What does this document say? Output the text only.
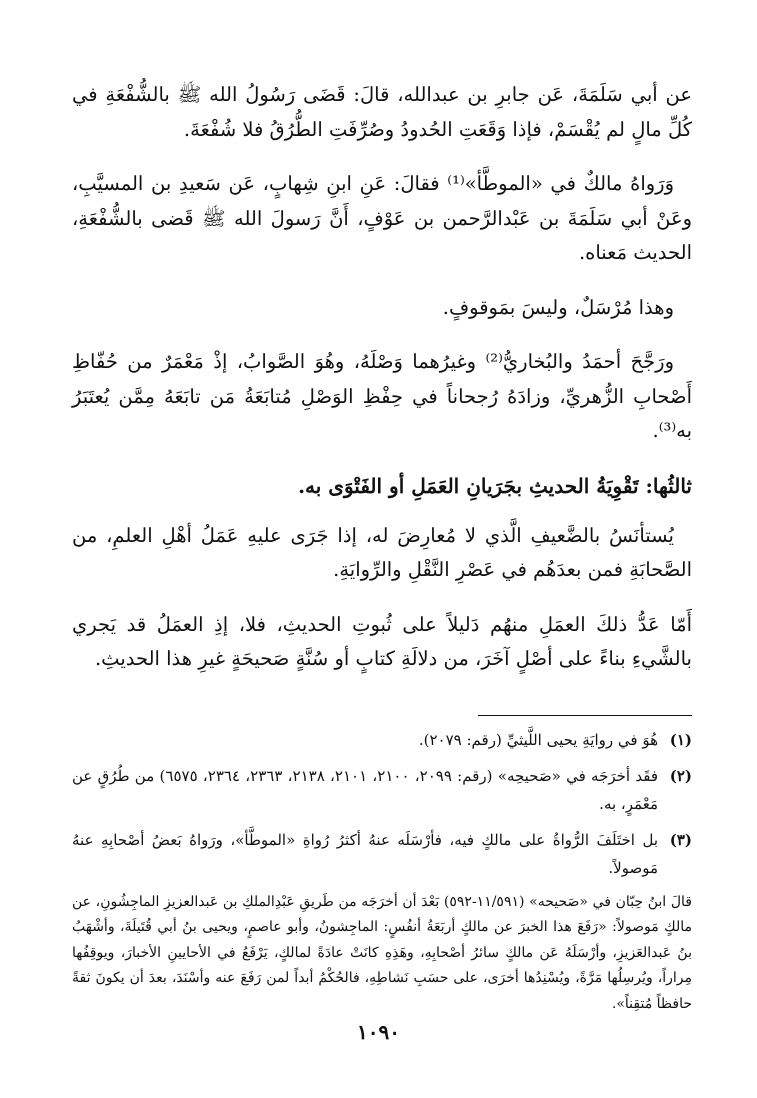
عن أبي سَلَمَةَ، عَن جابرِ بن عبدالله، قالَ: قَضَى رَسُولُ الله ﷺ بالشُّفْعَةِ في كُلِّ مالٍ لم يُقْسَمْ، فإذا وَقَعَتِ الحُدودُ وصُرِّفَتِ الطُّرُقُ فلا شُفْعَةَ.

وَرَواهُ مالكٌ في «الموطَّأ»⁽¹⁾ فقالَ: عَنِ ابنِ شِهابٍ، عَن سَعيدِ بن المسيَّبِ، وعَنْ أبي سَلَمَةَ بن عَبْدالرَّحمن بن عَوْفٍ، أَنَّ رَسولَ الله ﷺ قَضى بالشُّفْعَةِ، الحديث مَعناه.

وهذا مُرْسَلٌ، وليسَ بمَوقوفٍ.

ورَجَّحَ أحمَدُ والبُخاريُّ⁽²⁾ وغيرُهما وَصْلَهُ، وهُوَ الصَّوابُ، إذْ مَعْمَرٌ من حُفّاظِ أَصْحابِ الزُّهريِّ، وزادَهُ رُجحاناً في حِفْظِ الوَصْلِ مُتابَعَةُ مَن تابَعَهُ مِمَّن يُعتَبَرُ به⁽³⁾.

ثالثُها: تَقْوِيَةُ الحديثِ بجَرَيانِ العَمَلِ أو الفَتْوَى به.

يُستأنَسُ بالضَّعيفِ الَّذي لا مُعارِضَ له، إذا جَرَى عليهِ عَمَلُ أهْلِ العلمِ، من الصَّحابَةِ فمن بعدَهُم في عَصْرِ النَّقْلِ والرِّوايَةِ.

أَمّا عَدُّ ذلكَ العمَلِ منهُم دَليلاً على ثُبوتِ الحديثِ، فلا، إذِ العمَلُ قد يَجري بالشَّيءِ بناءً على أصْلٍ آخَرَ، من دلالَةِ كتابٍ أو سُنَّةٍ صَحيحَةٍ غيرِ هذا الحديثِ.

(١)
هُوَ في روايَةِ يحيى اللَّيثيِّ (رقم: ٢٠٧٩).
(٢)
فقَد أخرَجَه في «صَحيحِه» (رقم: ٢٠٩٩، ٢١٠٠، ٢١٠١، ٢١٣٨، ٢٣٦٣، ٢٣٦٤، ٦٥٧٥) من طُرُقٍ عن مَعْمَرٍ، به.
(٣)
بل اختَلَفَ الرُّواةُ على مالكٍ فيه، فأرْسَلَه عنهُ أكثرُ رُواةِ «الموطَّأ»، ورَواهُ بَعضُ أصْحابِهِ عنهُ مَوصولاً.

قالَ ابنُ حِبّان في «صَحيحه» (١١/٥٩١-٥٩٢) بَعْدَ أن أخرَجَه من طَريقِ عَبْدِالملكِ بن عَبدالعزيزِ الماجِشُونِ، عن مالكٍ مَوصولاً: «رَفَعَ هذا الخبرَ عن مالكٍ أربَعَةُ أنفُسٍ: الماجِشونُ، وأبو عاصمٍ، ويحيى بنُ أبي قُتَيلَةَ، وأشْهَبُ بنُ عَبدالعَزيزِ، وأرْسَلَهُ عَن مالكٍ سائرُ أصْحابِهِ، وهَذِهِ كانَتْ عادَةً لمالكٍ، يَرْفَعُ في الأحايينِ الأخبارَ، ويوقِفُها مِراراً، ويُرسِلُها مَرَّةً، ويُسْنِدُها أخرَى، على حسَبِ نَشاطِهِ، فالحُكْمُ أبداً لمن رَفَعَ عنه وأسْنَدَ، بعدَ أن يكونَ ثقةً حافظاً مُتقِناً».

١٠٩٠
